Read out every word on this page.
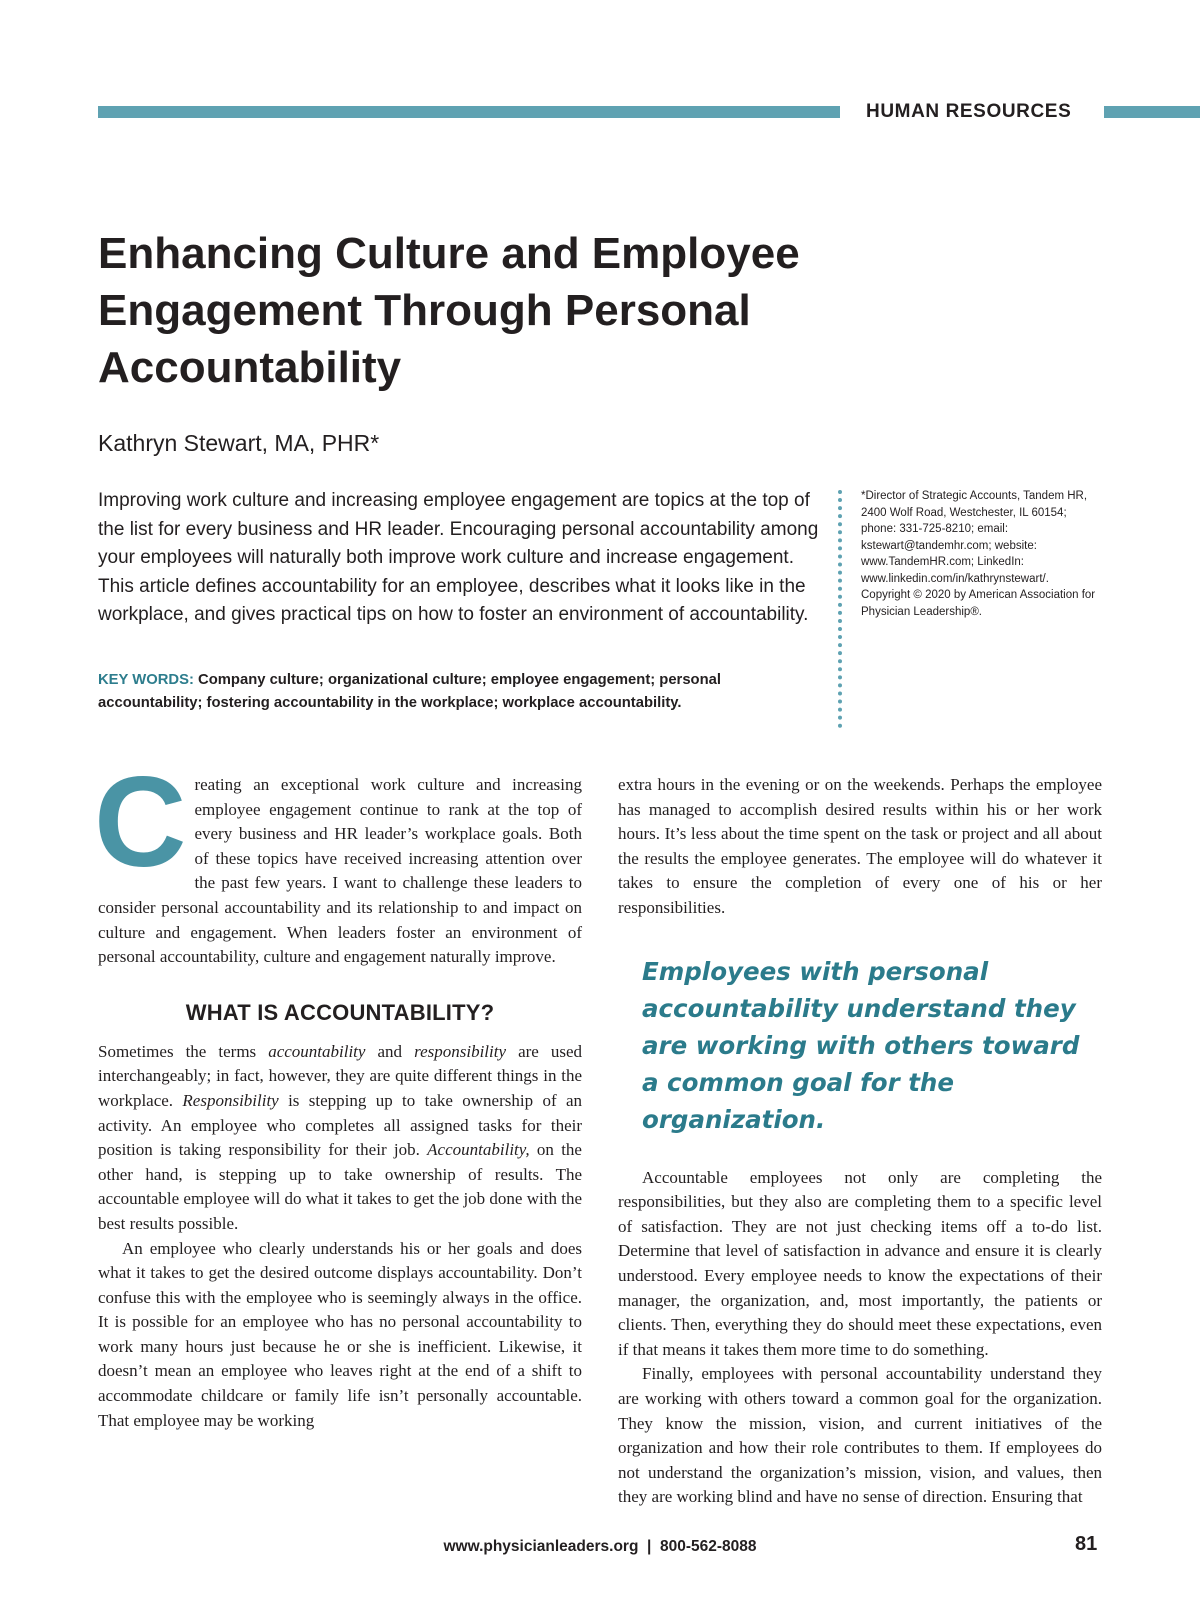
HUMAN RESOURCES
Enhancing Culture and Employee Engagement Through Personal Accountability

Kathryn Stewart, MA, PHR*

Improving work culture and increasing employee engagement are topics at the top of the list for every business and HR leader. Encouraging personal accountability among your employees will naturally both improve work culture and increase engagement. This article defines accountability for an employee, describes what it looks like in the workplace, and gives practical tips on how to foster an environment of accountability.

KEY WORDS: Company culture; organizational culture; employee engagement; personal accountability; fostering accountability in the workplace; workplace accountability.

*Director of Strategic Accounts, Tandem HR, 2400 Wolf Road, Westchester, IL 60154; phone: 331-725-8210; email: kstewart@tandemhr.com; website: www.TandemHR.com; LinkedIn: www.linkedin.com/in/kathrynstewart/. Copyright © 2020 by American Association for Physician Leadership®.

Creating an exceptional work culture and increasing employee engagement continue to rank at the top of every business and HR leader’s workplace goals. Both of these topics have received increasing attention over the past few years. I want to challenge these leaders to consider personal accountability and its relationship to and impact on culture and engagement. When leaders foster an environment of personal accountability, culture and engagement naturally improve.

WHAT IS ACCOUNTABILITY?

Sometimes the terms accountability and responsibility are used interchangeably; in fact, however, they are quite different things in the workplace. Responsibility is stepping up to take ownership of an activity. An employee who completes all assigned tasks for their position is taking responsibility for their job. Accountability, on the other hand, is stepping up to take ownership of results. The accountable employee will do what it takes to get the job done with the best results possible.

An employee who clearly understands his or her goals and does what it takes to get the desired outcome displays accountability. Don’t confuse this with the employee who is seemingly always in the office. It is possible for an employee who has no personal accountability to work many hours just because he or she is inefficient. Likewise, it doesn’t mean an employee who leaves right at the end of a shift to accommodate childcare or family life isn’t personally accountable. That employee may be working

extra hours in the evening or on the weekends. Perhaps the employee has managed to accomplish desired results within his or her work hours. It’s less about the time spent on the task or project and all about the results the employee generates. The employee will do whatever it takes to ensure the completion of every one of his or her responsibilities.

Employees with personal accountability understand they are working with others toward a common goal for the organization.

Accountable employees not only are completing the responsibilities, but they also are completing them to a specific level of satisfaction. They are not just checking items off a to-do list. Determine that level of satisfaction in advance and ensure it is clearly understood. Every employee needs to know the expectations of their manager, the organization, and, most importantly, the patients or clients. Then, everything they do should meet these expectations, even if that means it takes them more time to do something.

Finally, employees with personal accountability understand they are working with others toward a common goal for the organization. They know the mission, vision, and current initiatives of the organization and how their role contributes to them. If employees do not understand the organization’s mission, vision, and values, then they are working blind and have no sense of direction. Ensuring that

www.physicianleaders.org  |  800-562-8088	81
